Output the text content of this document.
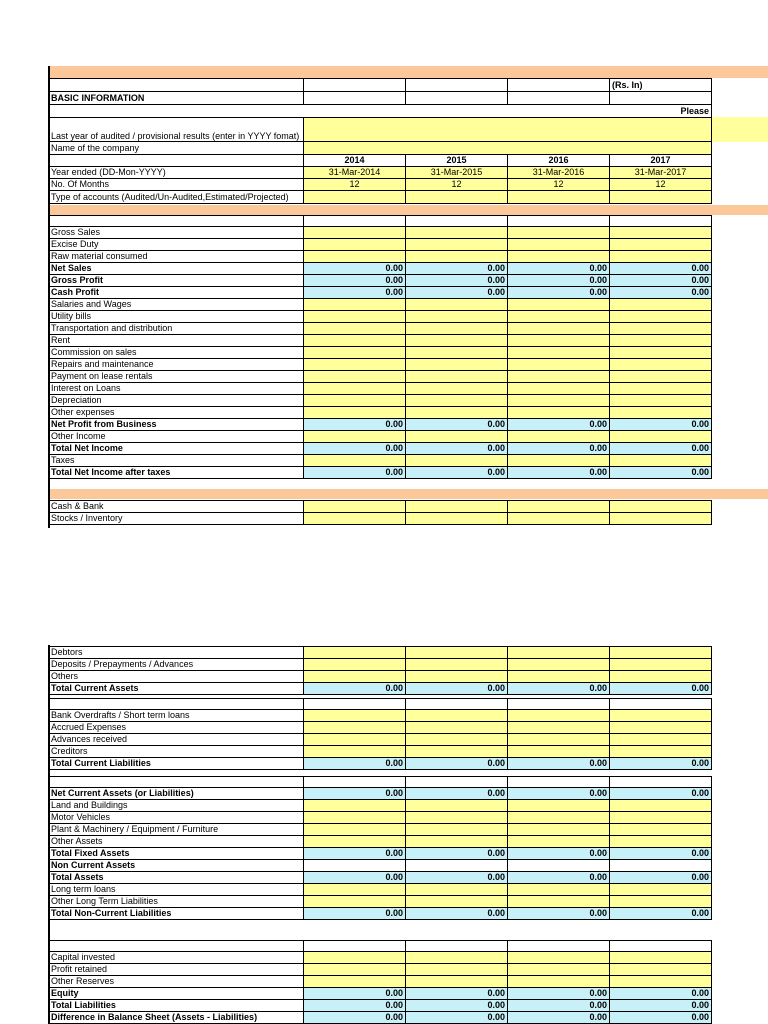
				(Rs. In)
BASIC INFORMATION				
Please				
Last year of audited / provisional results (enter in YYYY fomat)				
Name of the company				
	2014	2015	2016	2017
Year ended (DD-Mon-YYYY)	31-Mar-2014	31-Mar-2015	31-Mar-2016	31-Mar-2017
No. Of Months	12	12	12	12
Type of accounts (Audited/Un-Audited,Estimated/Projected)				

Gross Sales				
Excise Duty				
Raw material consumed				
Net Sales	0.00	0.00	0.00	0.00
Gross Profit	0.00	0.00	0.00	0.00
Cash Profit	0.00	0.00	0.00	0.00
Salaries and Wages				
Utility bills				
Transportation and distribution				
Rent				
Commission on sales				
Repairs and maintenance				
Payment on lease rentals				
Interest on Loans				
Depreciation				
Other expenses				
Net Profit from Business	0.00	0.00	0.00	0.00
Other Income				
Total Net Income	0.00	0.00	0.00	0.00
Taxes				
Total Net Income after taxes	0.00	0.00	0.00	0.00
Cash & Bank				
Stocks / Inventory				
Debtors				
Deposits / Prepayments / Advances				
Others				
Total Current Assets	0.00	0.00	0.00	0.00

Bank Overdrafts / Short term loans				
Accrued Expenses				
Advances received				
Creditors				
Total Current Liabilities	0.00	0.00	0.00	0.00

Net Current Assets (or Liabilities)	0.00	0.00	0.00	0.00
Land and Buildings				
Motor Vehicles				
Plant & Machinery / Equipment / Furniture				
Other Assets				
Total Fixed Assets	0.00	0.00	0.00	0.00
Non Current Assets				
Total Assets	0.00	0.00	0.00	0.00
Long term loans				
Other Long Term Liabilities				
Total Non-Current Liabilities	0.00	0.00	0.00	0.00

Capital invested				
Profit retained				
Other Reserves				
Equity	0.00	0.00	0.00	0.00
Total Liabilities	0.00	0.00	0.00	0.00
Difference in Balance Sheet (Assets - Liabilities)	0.00	0.00	0.00	0.00
